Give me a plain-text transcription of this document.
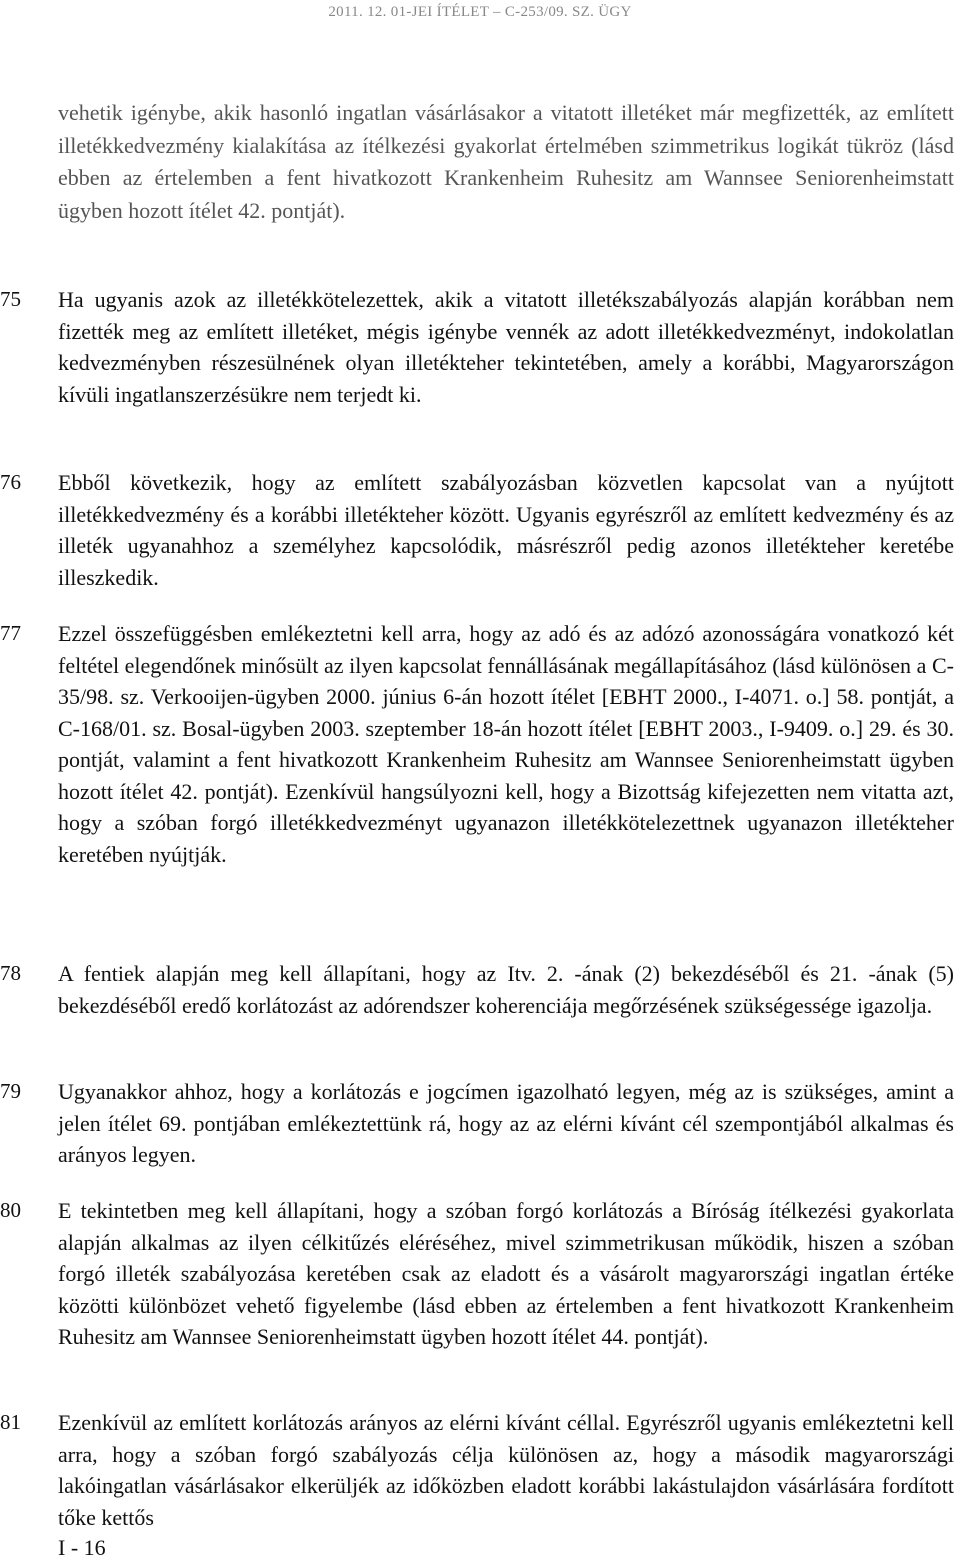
2011. 12. 01-JEI ÍTÉLET – C-253/09. SZ. ÜGY

vehetik igénybe, akik hasonló ingatlan vásárlásakor a vitatott illetéket már megfizették, az említett illetékkedvezmény kialakítása az ítélkezési gyakorlat értelmében szimmetrikus logikát tükröz (lásd ebben az értelemben a fent hivatkozott Krankenheim Ruhesitz am Wannsee Seniorenheimstatt ügyben hozott ítélet 42. pontját).

75 Ha ugyanis azok az illetékkötelezettek, akik a vitatott illetékszabályozás alapján korábban nem fizették meg az említett illetéket, mégis igénybe vennék az adott illetékkedvezményt, indokolatlan kedvezményben részesülnének olyan illetékteher tekintetében, amely a korábbi, Magyarországon kívüli ingatlanszerzésükre nem terjedt ki.

76 Ebből következik, hogy az említett szabályozásban közvetlen kapcsolat van a nyújtott illetékkedvezmény és a korábbi illetékteher között. Ugyanis egyrészről az említett kedvezmény és az illeték ugyanahhoz a személyhez kapcsolódik, másrészről pedig azonos illetékteher keretébe illeszkedik.

77 Ezzel összefüggésben emlékeztetni kell arra, hogy az adó és az adózó azonosságára vonatkozó két feltétel elegendőnek minősült az ilyen kapcsolat fennállásának megállapításához (lásd különösen a C-35/98. sz. Verkooijen-ügyben 2000. június 6-án hozott ítélet [EBHT 2000., I-4071. o.] 58. pontját, a C-168/01. sz. Bosal-ügyben 2003. szeptember 18-án hozott ítélet [EBHT 2003., I-9409. o.] 29. és 30. pontját, valamint a fent hivatkozott Krankenheim Ruhesitz am Wannsee Seniorenheimstatt ügyben hozott ítélet 42. pontját). Ezenkívül hangsúlyozni kell, hogy a Bizottság kifejezetten nem vitatta azt, hogy a szóban forgó illetékkedvezményt ugyanazon illetékkötelezettnek ugyanazon illetékteher keretében nyújtják.

78 A fentiek alapján meg kell állapítani, hogy az Itv. 2. -ának (2) bekezdéséből és 21. -ának (5) bekezdéséből eredő korlátozást az adórendszer koherenciája megőrzésének szükségessége igazolja.

79 Ugyanakkor ahhoz, hogy a korlátozás e jogcímen igazolható legyen, még az is szükséges, amint a jelen ítélet 69. pontjában emlékeztettünk rá, hogy az az elérni kívánt cél szempontjából alkalmas és arányos legyen.

80 E tekintetben meg kell állapítani, hogy a szóban forgó korlátozás a Bíróság ítélkezési gyakorlata alapján alkalmas az ilyen célkitűzés eléréséhez, mivel szimmetrikusan működik, hiszen a szóban forgó illeték szabályozása keretében csak az eladott és a vásárolt magyarországi ingatlan értéke közötti különbözet vehető figyelembe (lásd ebben az értelemben a fent hivatkozott Krankenheim Ruhesitz am Wannsee Seniorenheimstatt ügyben hozott ítélet 44. pontját).

81 Ezenkívül az említett korlátozás arányos az elérni kívánt céllal. Egyrészről ugyanis emlékeztetni kell arra, hogy a szóban forgó szabályozás célja különösen az, hogy a második magyarországi lakóingatlan vásárlásakor elkerüljék az időközben eladott korábbi lakástulajdon vásárlására fordított tőke kettős

I - 16
